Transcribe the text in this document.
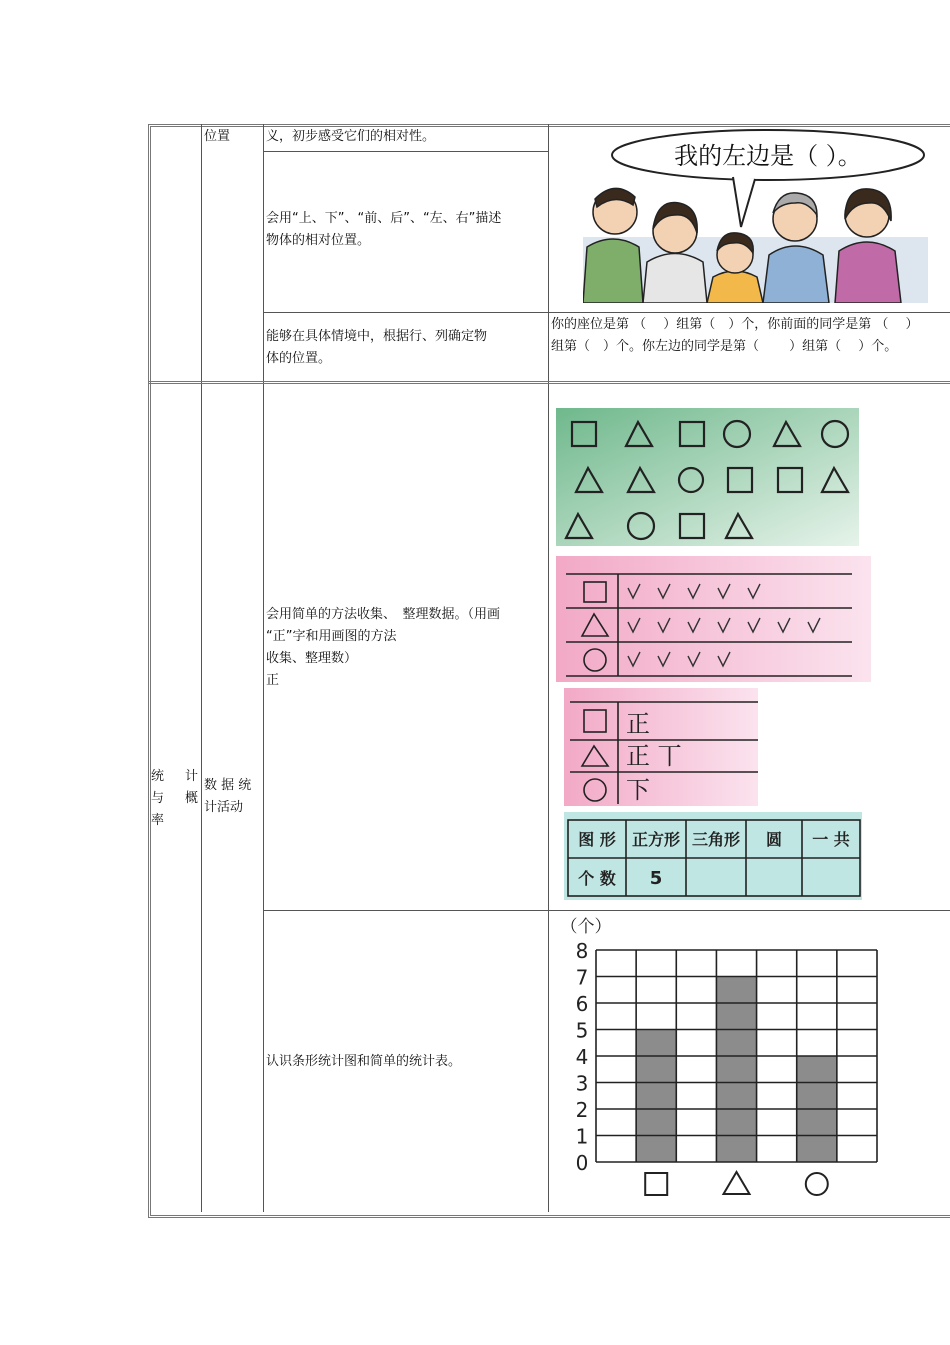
位置	义，初步感受它们的相对性。
会用“上、下”、“前、后”、“左、右”描述
物体的相对位置。
能够在具体情境中，根据行、列确定物
体的位置。
你的座位是第 （　 ）组第（　）个，你前面的同学是第 （　 ）
组第（　）个。你左边的同学是第（　　 ）组第（　 ）个。
我的左边是（ ）。
统 计
与 概
率
数 据 统
计活动
会用简单的方法收集、　整理数据。（用画
“正”字和用画图的方法
收集、整理数）
正
认识条形统计图和简单的统计表。
正
正 丅
下
图 形 正方形 三角形 圆 一 共
个 数 5
0
1
2
3
4
5
6
7
8
（个）
